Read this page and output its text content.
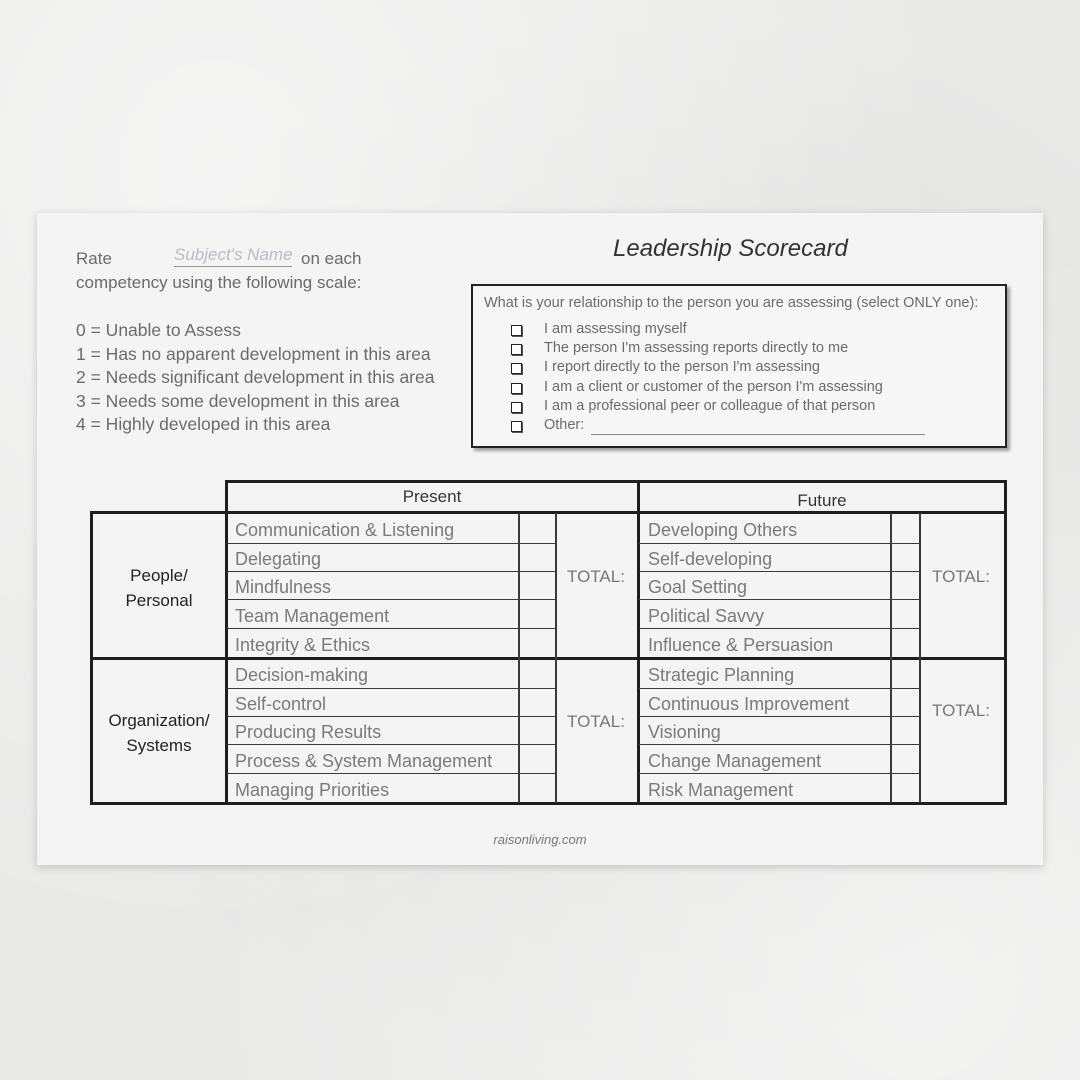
Rate	Subject's Name on each
competency using the following scale:
0 = Unable to Assess
1 = Has no apparent development in this area
2 = Needs significant development in this area
3 = Needs some development in this area
4 = Highly developed in this area
Leadership Scorecard
What is your relationship to the person you are assessing (select ONLY one):
I am assessing myself
The person I'm assessing reports directly to me
I report directly to the person I'm assessing
I am a client or customer of the person I'm assessing
I am a professional peer or colleague of that person
Other:
Present	Future
People/
Personal
Organization/
Systems
Communication & Listening
Delegating
Mindfulness
Team Management
Integrity & Ethics
Decision-making
Self-control
Producing Results
Process & System Management
Managing Priorities
Developing Others
Self-developing
Goal Setting
Political Savvy
Influence & Persuasion
Strategic Planning
Continuous Improvement
Visioning
Change Management
Risk Management
TOTAL:
TOTAL:
TOTAL:
TOTAL:
raisonliving.com
